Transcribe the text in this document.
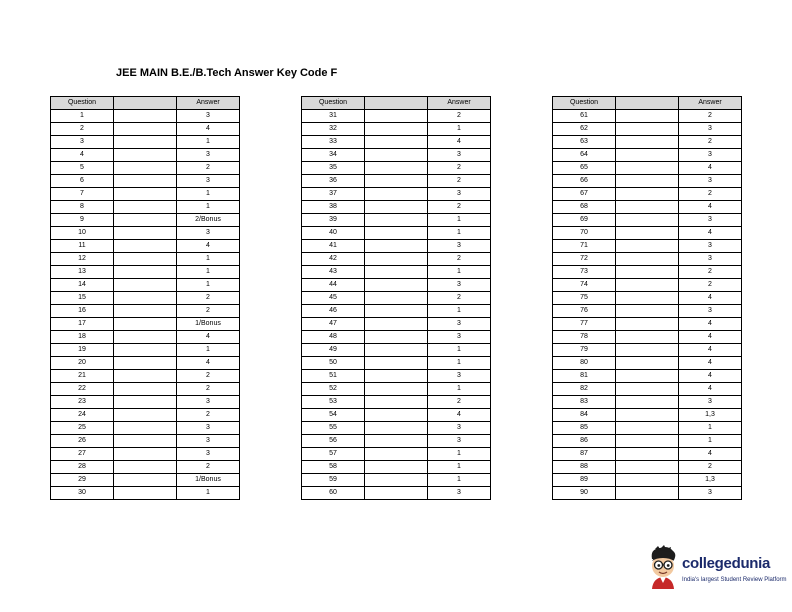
JEE MAIN B.E./B.Tech Answer Key Code F
Question		Answer
1		3
2		4
3		1
4		3
5		2
6		3
7		1
8		1
9		2/Bonus
10		3
11		4
12		1
13		1
14		1
15		2
16		2
17		1/Bonus
18		4
19		1
20		4
21		2
22		2
23		3
24		2
25		3
26		3
27		3
28		2
29		1/Bonus
30		1
Question		Answer
31		2
32		1
33		4
34		3
35		2
36		2
37		3
38		2
39		1
40		1
41		3
42		2
43		1
44		3
45		2
46		1
47		3
48		3
49		1
50		1
51		3
52		1
53		2
54		4
55		3
56		3
57		1
58		1
59		1
60		3
Question		Answer
61		2
62		3
63		2
64		3
65		4
66		3
67		2
68		4
69		3
70		4
71		3
72		3
73		2
74		2
75		4
76		3
77		4
78		4
79		4
80		4
81		4
82		4
83		3
84		1,3
85		1
86		1
87		4
88		2
89		1,3
90		3
collegedunia
India's largest Student Review Platform
